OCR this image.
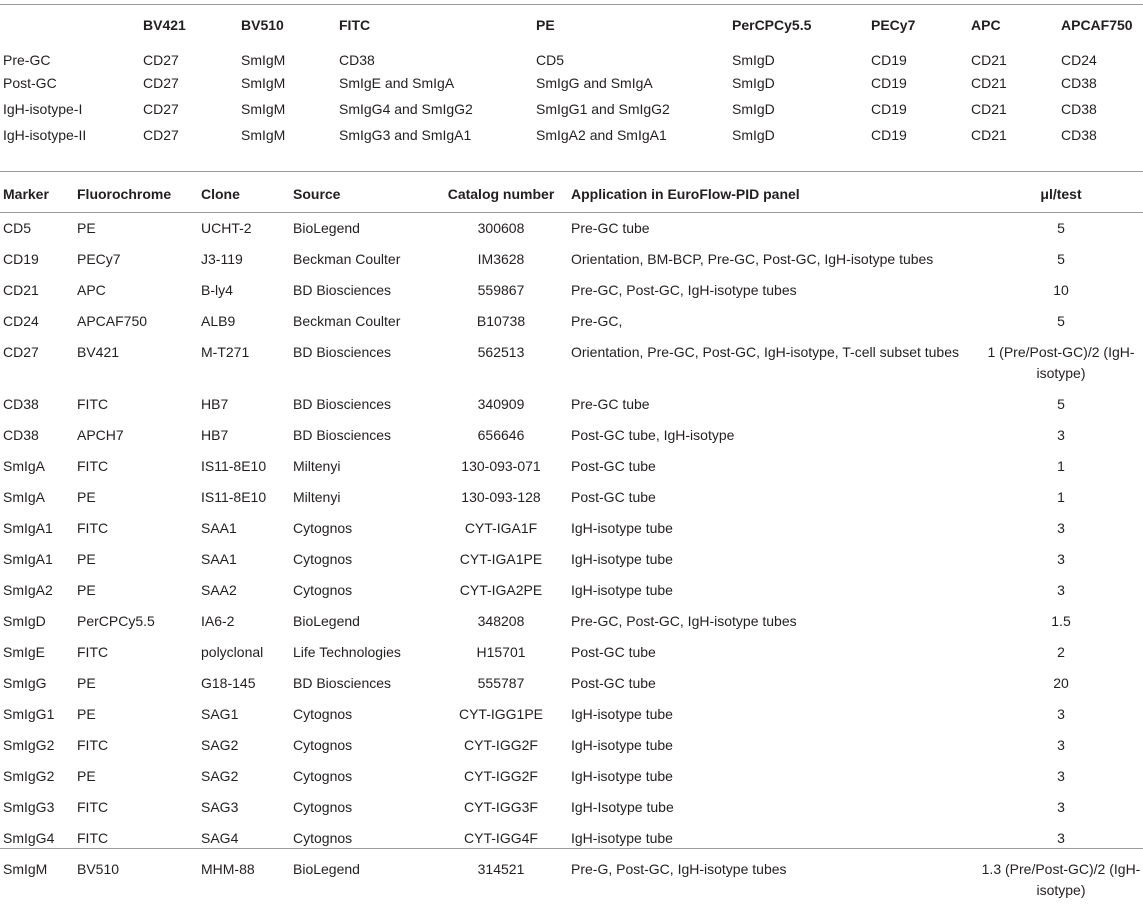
	BV421	BV510	FITC	PE	PerCPCy5.5	PECy7	APC	APCAF750
Pre-GC	CD27	SmIgM	CD38	CD5	SmIgD	CD19	CD21	CD24
Post-GC	CD27	SmIgM	SmIgE and SmIgA	SmIgG and SmIgA	SmIgD	CD19	CD21	CD38
IgH-isotype-I	CD27	SmIgM	SmIgG4 and SmIgG2	SmIgG1 and SmIgG2	SmIgD	CD19	CD21	CD38
IgH-isotype-II	CD27	SmIgM	SmIgG3 and SmIgA1	SmIgA2 and SmIgA1	SmIgD	CD19	CD21	CD38
Marker	Fluorochrome	Clone	Source	Catalog number	Application in EuroFlow-PID panel	μl/test
CD5	PE	UCHT-2	BioLegend	300608	Pre-GC tube	5
CD19	PECy7	J3-119	Beckman Coulter	IM3628	Orientation, BM-BCP, Pre-GC, Post-GC, IgH-isotype tubes	5
CD21	APC	B-ly4	BD Biosciences	559867	Pre-GC, Post-GC, IgH-isotype tubes	10
CD24	APCAF750	ALB9	Beckman Coulter	B10738	Pre-GC,	5
CD27	BV421	M-T271	BD Biosciences	562513	Orientation, Pre-GC, Post-GC, IgH-isotype, T-cell subset tubes	1 (Pre/Post-GC)/2 (IgH-isotype)
CD38	FITC	HB7	BD Biosciences	340909	Pre-GC tube	5
CD38	APCH7	HB7	BD Biosciences	656646	Post-GC tube, IgH-isotype	3
SmIgA	FITC	IS11-8E10	Miltenyi	130-093-071	Post-GC tube	1
SmIgA	PE	IS11-8E10	Miltenyi	130-093-128	Post-GC tube	1
SmIgA1	FITC	SAA1	Cytognos	CYT-IGA1F	IgH-isotype tube	3
SmIgA1	PE	SAA1	Cytognos	CYT-IGA1PE	IgH-isotype tube	3
SmIgA2	PE	SAA2	Cytognos	CYT-IGA2PE	IgH-isotype tube	3
SmIgD	PerCPCy5.5	IA6-2	BioLegend	348208	Pre-GC, Post-GC, IgH-isotype tubes	1.5
SmIgE	FITC	polyclonal	Life Technologies	H15701	Post-GC tube	2
SmIgG	PE	G18-145	BD Biosciences	555787	Post-GC tube	20
SmIgG1	PE	SAG1	Cytognos	CYT-IGG1PE	IgH-isotype tube	3
SmIgG2	FITC	SAG2	Cytognos	CYT-IGG2F	IgH-isotype tube	3
SmIgG2	PE	SAG2	Cytognos	CYT-IGG2F	IgH-isotype tube	3
SmIgG3	FITC	SAG3	Cytognos	CYT-IGG3F	IgH-Isotype tube	3
SmIgG4	FITC	SAG4	Cytognos	CYT-IGG4F	IgH-isotype tube	3
SmIgM	BV510	MHM-88	BioLegend	314521	Pre-G, Post-GC, IgH-isotype tubes	1.3 (Pre/Post-GC)/2 (IgH-isotype)
